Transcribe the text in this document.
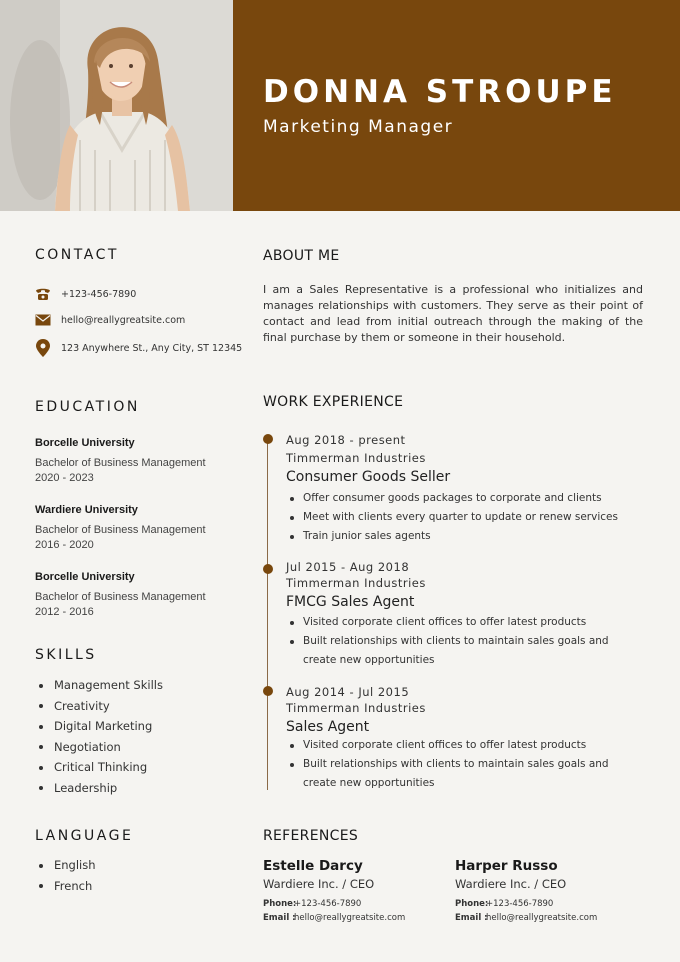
DONNA STROUPE
Marketing Manager
CONTACT
+123-456-7890
hello@reallygreatsite.com
123 Anywhere St., Any City, ST 12345
ABOUT ME
I am a Sales Representative is a professional who initializes and manages relationships with customers. They serve as their point of contact and lead from initial outreach through the making of the final purchase by them or someone in their household.
EDUCATION
Borcelle University
Bachelor of Business Management
2020 - 2023
Wardiere University
Bachelor of Business Management
2016 - 2020
Borcelle University
Bachelor of Business Management
2012 - 2016
SKILLS
Management Skills
Creativity
Digital Marketing
Negotiation
Critical Thinking
Leadership
LANGUAGE
English
French
WORK EXPERIENCE
Aug 2018 - present
Timmerman Industries
Consumer Goods Seller
Offer consumer goods packages to corporate and clients
Meet with clients every quarter to update or renew services
Train junior sales agents
Jul 2015 - Aug 2018
Timmerman Industries
FMCG Sales Agent
Visited corporate client offices to offer latest products
Built relationships with clients to maintain sales goals and create new opportunities
Aug 2014 - Jul 2015
Timmerman Industries
Sales Agent
Visited corporate client offices to offer latest products
Built relationships with clients to maintain sales goals and create new opportunities
REFERENCES
Estelle Darcy
Wardiere Inc. / CEO
Phone:+123-456-7890
Email :hello@reallygreatsite.com
Harper Russo
Wardiere Inc. / CEO
Phone:+123-456-7890
Email :hello@reallygreatsite.com
